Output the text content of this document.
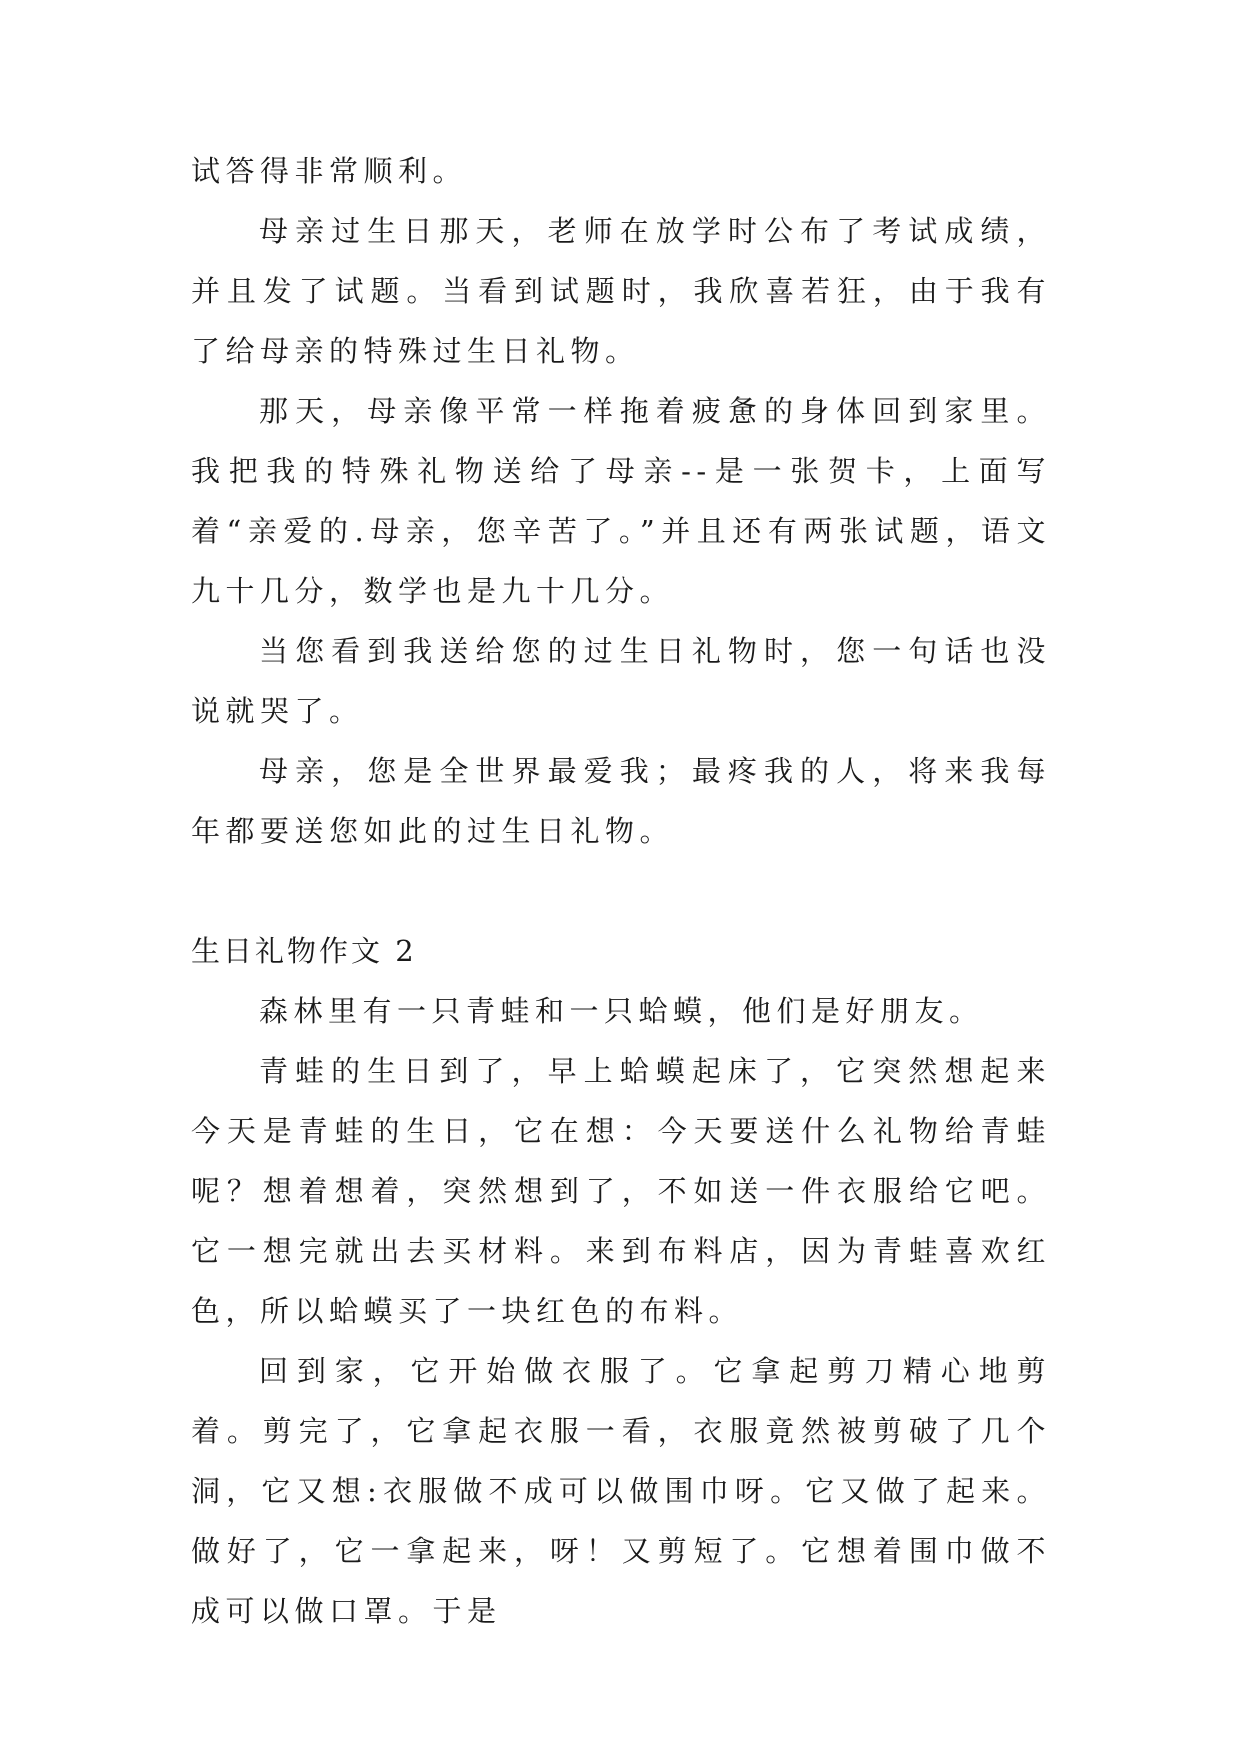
试答得非常顺利。

母亲过生日那天，老师在放学时公布了考试成绩，并且发了试题。当看到试题时，我欣喜若狂，由于我有了给母亲的特殊过生日礼物。

那天，母亲像平常一样拖着疲惫的身体回到家里。我把我的特殊礼物送给了母亲--是一张贺卡，上面写着“亲爱的.母亲，您辛苦了。”并且还有两张试题，语文九十几分，数学也是九十几分。

当您看到我送给您的过生日礼物时，您一句话也没说就哭了。

母亲，您是全世界最爱我；最疼我的人，将来我每年都要送您如此的过生日礼物。

生日礼物作文 2

森林里有一只青蛙和一只蛤蟆，他们是好朋友。

青蛙的生日到了，早上蛤蟆起床了，它突然想起来今天是青蛙的生日，它在想：今天要送什么礼物给青蛙呢？想着想着，突然想到了，不如送一件衣服给它吧。它一想完就出去买材料。来到布料店，因为青蛙喜欢红色，所以蛤蟆买了一块红色的布料。

回到家，它开始做衣服了。它拿起剪刀精心地剪着。剪完了，它拿起衣服一看，衣服竟然被剪破了几个洞，它又想:衣服做不成可以做围巾呀。它又做了起来。做好了，它一拿起来，呀！又剪短了。它想着围巾做不成可以做口罩。于是
